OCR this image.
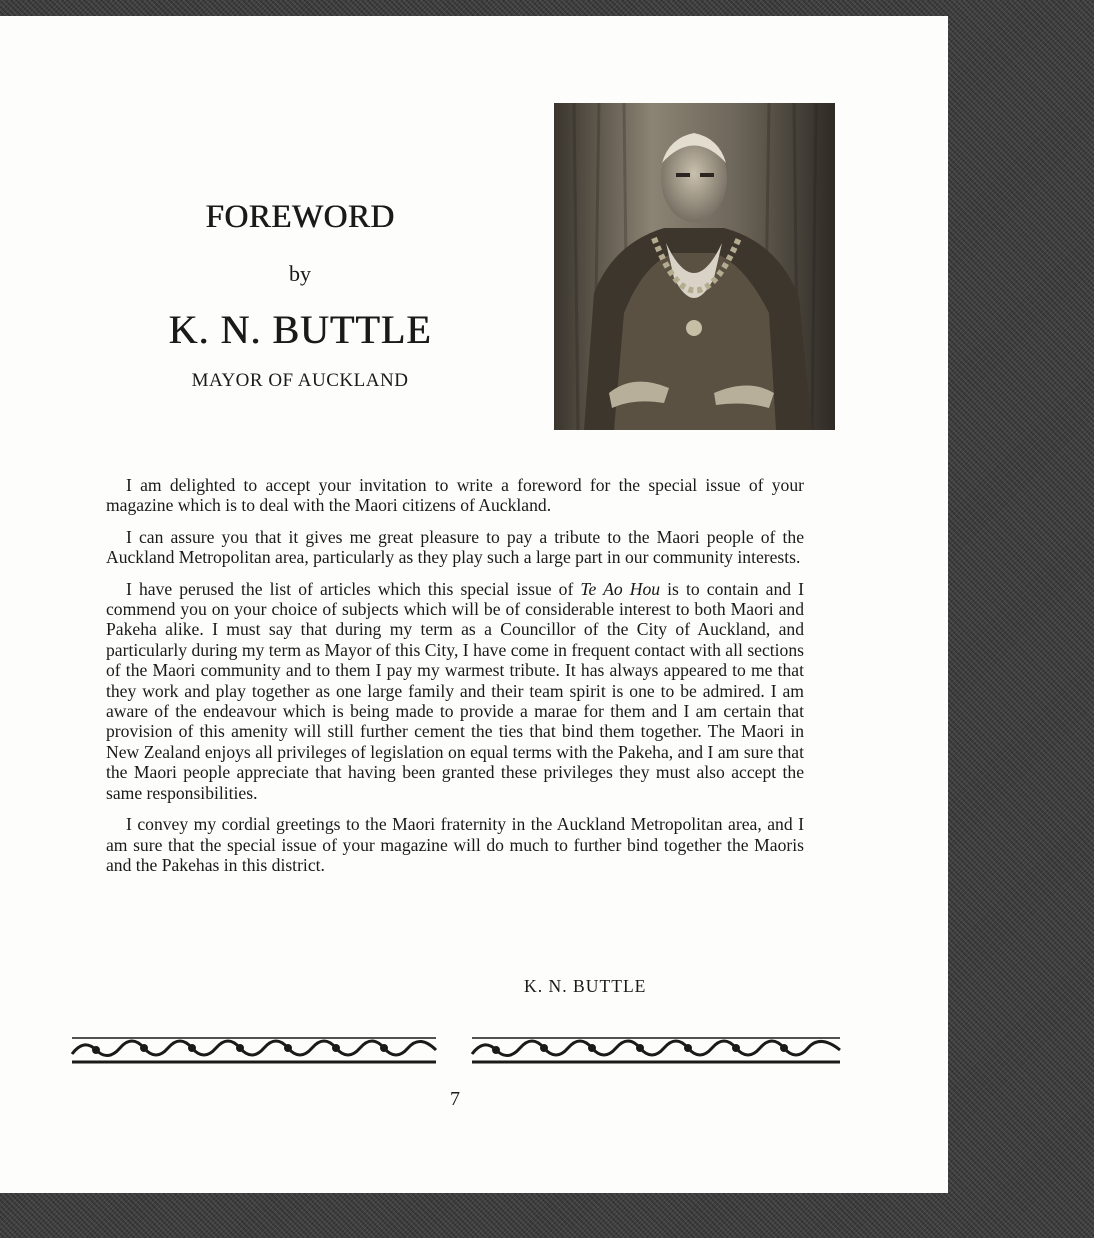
FOREWORD
by
K. N. BUTTLE
MAYOR OF AUCKLAND

I am delighted to accept your invitation to write a foreword for the special issue of your magazine which is to deal with the Maori citizens of Auckland.

I can assure you that it gives me great pleasure to pay a tribute to the Maori people of the Auckland Metropolitan area, particularly as they play such a large part in our community interests.

I have perused the list of articles which this special issue of Te Ao Hou is to contain and I commend you on your choice of subjects which will be of considerable interest to both Maori and Pakeha alike. I must say that during my term as a Councillor of the City of Auckland, and particularly during my term as Mayor of this City, I have come in frequent contact with all sections of the Maori community and to them I pay my warmest tribute. It has always appeared to me that they work and play together as one large family and their team spirit is one to be admired. I am aware of the endeavour which is being made to provide a marae for them and I am certain that provision of this amenity will still further cement the ties that bind them together. The Maori in New Zealand enjoys all privileges of legislation on equal terms with the Pakeha, and I am sure that the Maori people appreciate that having been granted these privileges they must also accept the same responsibilities.

I convey my cordial greetings to the Maori fraternity in the Auckland Metropolitan area, and I am sure that the special issue of your magazine will do much to further bind together the Maoris and the Pakehas in this district.

K. N. BUTTLE
7
